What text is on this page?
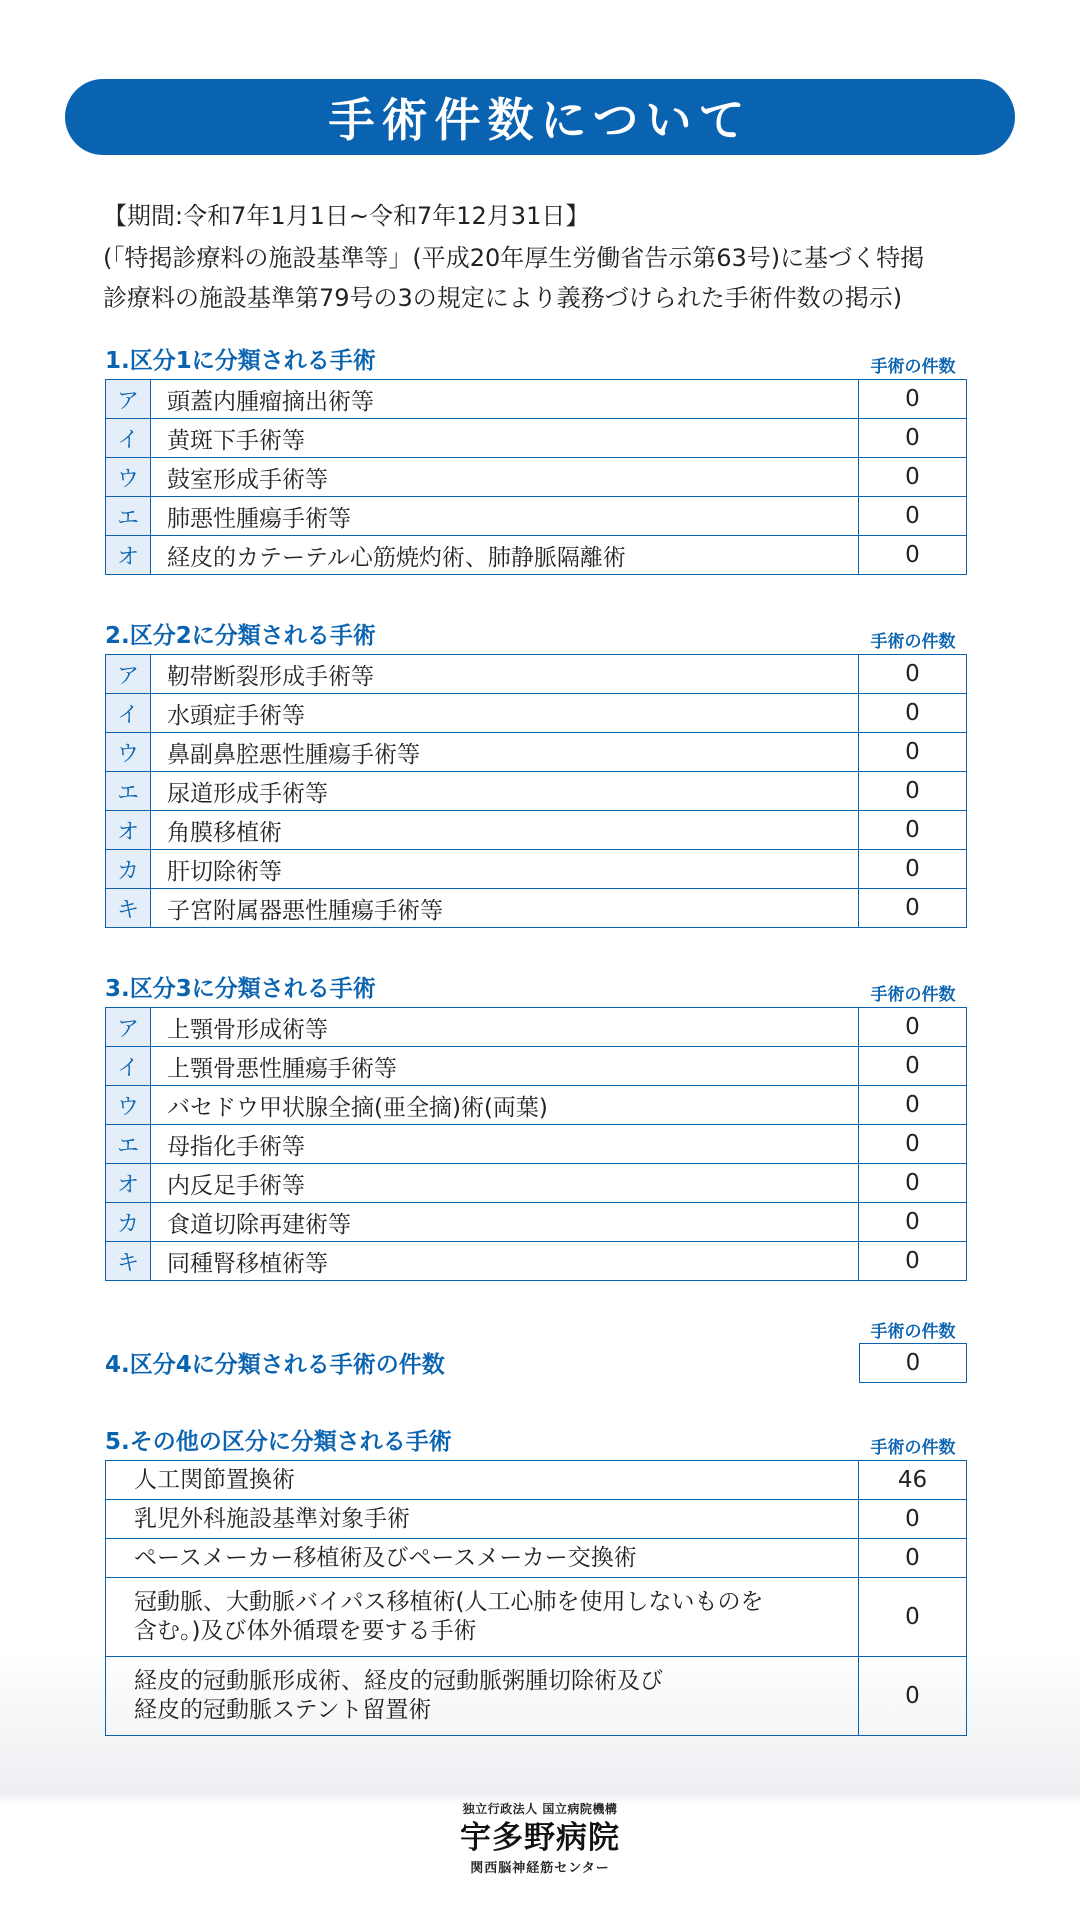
手術件数について
【期間:令和7年1月1日~令和7年12月31日】
(「特掲診療料の施設基準等」(平成20年厚生労働省告示第63号)に基づく特掲
診療料の施設基準第79号の3の規定により義務づけられた手術件数の掲示)
1.区分1に分類される手術	手術の件数
ア	頭蓋内腫瘤摘出術等	0
イ	黄斑下手術等	0
ウ	鼓室形成手術等	0
エ	肺悪性腫瘍手術等	0
オ	経皮的カテーテル心筋焼灼術、肺静脈隔離術	0
2.区分2に分類される手術	手術の件数
ア	靭帯断裂形成手術等	0
イ	水頭症手術等	0
ウ	鼻副鼻腔悪性腫瘍手術等	0
エ	尿道形成手術等	0
オ	角膜移植術	0
カ	肝切除術等	0
キ	子宮附属器悪性腫瘍手術等	0
3.区分3に分類される手術	手術の件数
ア	上顎骨形成術等	0
イ	上顎骨悪性腫瘍手術等	0
ウ	バセドウ甲状腺全摘(亜全摘)術(両葉)	0
エ	母指化手術等	0
オ	内反足手術等	0
カ	食道切除再建術等	0
キ	同種腎移植術等	0
4.区分4に分類される手術の件数
手術の件数
0
5.その他の区分に分類される手術	手術の件数
人工関節置換術	46

乳児外科施設基準対象手術	0

ペースメーカー移植術及びペースメーカー交換術	0

冠動脈、大動脈バイパス移植術(人工心肺を使用しないものを
含む。)及び体外循環を要する手術	0

経皮的冠動脈形成術、経皮的冠動脈粥腫切除術及び
経皮的冠動脈ステント留置術	0
独立行政法人 国立病院機構
宇多野病院
関西脳神経筋センター
